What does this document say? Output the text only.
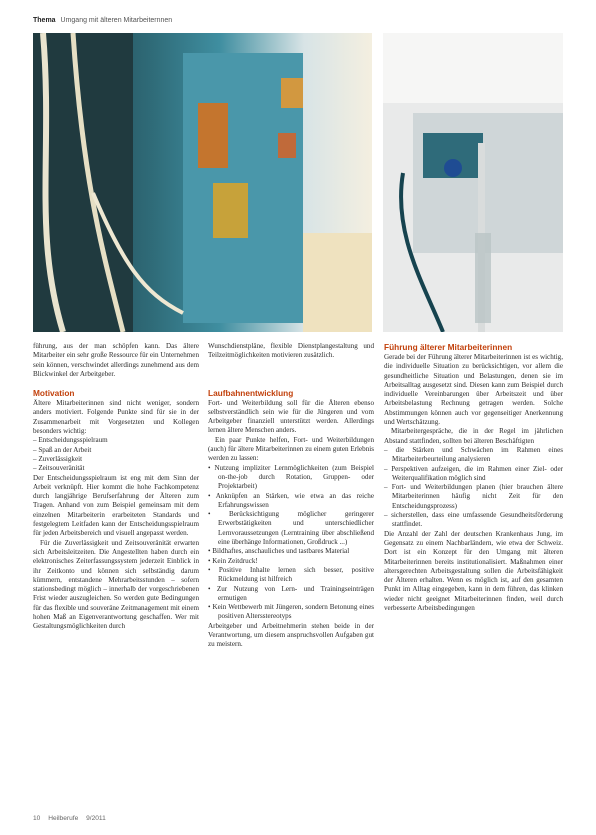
Thema Umgang mit älteren Mitarbeiternnen

führung, aus der man schöpfen kann. Das ältere Mitarbeiter ein sehr große Ressource für ein Unternehmen sein können, verschwindet allerdings zunehmend aus dem Blickwinkel der Arbeitgeber.

Motivation

Ältere Mitarbeiterinnen sind nicht weniger, sondern anders motiviert. Folgende Punkte sind für sie in der Zusammenarbeit mit Vorgesetzten und Kollegen besonders wichtig:

– Entscheidungsspielraum
– Spaß an der Arbeit
– Zuverlässigkeit
– Zeitsouveränität

Der Entscheidungsspielraum ist eng mit dem Sinn der Arbeit verknüpft. Hier kommt die hohe Fachkompetenz durch langjährige Berufserfahrung der Älteren zum Tragen. Anhand von zum Beispiel gemeinsam mit dem einzelnen Mitarbeiterin erarbeiteten Standards und festgelegtem Leitfaden kann der Entscheidungsspielraum für jeden Arbeitsbereich und visuell angepasst werden.

Für die Zuverlässigkeit und Zeitsouveränität erwarten sich Arbeitsleitzeiten. Die Angestellten haben durch ein elektronisches Zeiterfassungssystem jederzeit Einblick in ihr Zeitkonto und können sich selbständig darum kümmern, entstandene Mehrarbeitsstunden – sofern stationsbedingt möglich – innerhalb der vorgeschriebenen Frist wieder auszugleichen. So werden gute Bedingungen für das flexible und souveräne Zeitmanagement mit einem hohen Maß an Eigenverantwortung geschaffen. Wer mit Gestaltungsmöglichkeiten durch

Wunschdienstpläne, flexible Dienstplangestaltung und Teilzeitmöglichkeiten motivieren zusätzlich.

Laufbahnentwicklung

Fort- und Weiterbildung soll für die Älteren ebenso selbstverständlich sein wie für die Jüngeren und vom Arbeitgeber finanziell unterstützt werden. Allerdings lernen ältere Menschen anders.

Ein paar Punkte helfen, Fort- und Weiterbildungen (auch) für ältere Mitarbeiterinnen zu einem guten Erlebnis werden zu lassen:

• Nutzung impliziter Lernmöglichkeiten (zum Beispiel on-the-job durch Rotation, Gruppen- oder Projektarbeit)
• Anknüpfen an Stärken, wie etwa an das reiche Erfahrungswissen
• Berücksichtigung möglicher geringerer Erwerbstätigkeiten und unterschiedlicher Lernvoraussetzungen (Lerntraining über abschließend eine überhänge Informationen, Großdruck ...)
• Bildhaftes, anschauliches und tastbares Material
• Kein Zeitdruck!
• Positive Inhalte lernen sich besser, positive Rückmeldung ist hilfreich
• Zur Nutzung von Lern- und Trainingseinträgen ermutigen
• Kein Wettbewerb mit Jüngeren, sondern Betonung eines positiven Altersstereotyps

Arbeitgeber und Arbeitnehmerin stehen beide in der Verantwortung, um diesem anspruchsvollen Aufgaben gut zu meistern.

Führung älterer Mitarbeiterinnen

Gerade bei der Führung älterer Mitarbeiterinnen ist es wichtig, die individuelle Situation zu berücksichtigen, vor allem die gesundheitliche Situation und Belastungen, denen sie im Arbeitsalltag ausgesetzt sind. Diesen kann zum Beispiel durch individuelle Vereinbarungen über Arbeitszeit und über Arbeitsbelastung Rechnung getragen werden. Solche Abstimmungen können auch vor gegenseitiger Anerkennung und Wertschätzung.

Mitarbeitergespräche, die in der Regel im jährlichen Abstand stattfinden, sollten bei älteren Beschäftigten

– die Stärken und Schwächen im Rahmen eines Mitarbeiterbeurteilung analysieren
– Perspektiven aufzeigen, die im Rahmen einer Ziel- oder Weiterqualifikation möglich sind
– Fort- und Weiterbildungen planen (hier brauchen ältere Mitarbeiterinnen häufig nicht Zeit für den Entscheidungsprozess)
– sicherstellen, dass eine umfassende Gesundheitsförderung stattfindet.

Die Anzahl der Zahl der deutschen Krankenhaus Jung, im Gegensatz zu einem Nachbarländern, wie etwa der Schweiz. Dort ist ein Konzept für den Umgang mit älteren Mitarbeiterinnen bereits institutionalisiert. Maßnahmen einer altersgerechten Arbeitsgestaltung sollen die Arbeitsfähigkeit der Älteren erhalten. Wenn es möglich ist, auf den gesamten Punkt im Alltag eingegeben, kann in dem führen, das klinken wieder nicht geeignet Mitarbeiterinnen finden, weil durch verbesserte Arbeitsbedingungen

10 Heilberufe 9/2011
